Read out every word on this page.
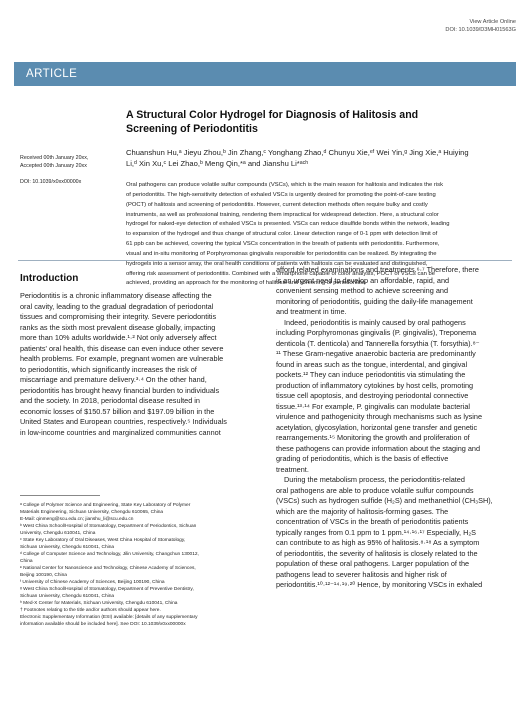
View Article Online
DOI: 10.1039/D3MH01563G
ARTICLE
A Structural Color Hydrogel for Diagnosis of Halitosis and
Screening of Periodontitis
Chuanshun Hu,ᵃ Jieyu Zhou,ᵇ Jin Zhang,ᶜ Yonghang Zhao,ᵈ Chunyu Xie,ᵉᶠ Wei Yin,ᵍ Jing Xie,ᵃ Huiying
Li,ᵈ Xin Xu,ᶜ Lei Zhao,ᵇ Meng Qin,*ᵃ and Jianshu Li*ᵃᶜʰ
Received 00th January 20xx,
Accepted 00th January 20xx
DOI: 10.1039/x0xx00000x	Oral pathogens can produce volatile sulfur compounds (VSCs), which is the main reason for halitosis and indicates the risk
of periodontitis. The high-sensitivity detection of exhaled VSCs is urgently desired for promoting the point-of-care testing
(POCT) of halitosis and screening of periodontitis. However, current detection methods often require bulky and costly
instruments, as well as professional training, rendering them impractical for widespread detection. Here, a structural color
hydrogel for naked-eye detection of exhaled VSCs is presented. VSCs can reduce disulfide bonds within the network, leading
to expansion of the hydrogel and thus change of structural color. Linear detection range of 0-1 ppm with detection limit of
61 ppb can be achieved, covering the typical VSCs concentration in the breath of patients with periodontitis. Furthermore,
visual and in-situ monitoring of Porphyromonas gingivalis responsible for periodontitis can be realized. By integrating the
hydrogels into a sensor array, the oral health conditions of patients with halitosis can be evaluated and distinguished,
offering risk assessment of periodontitis. Combined with a smartphone capable of color analysis, POCT of VSCs can be
achieved, providing an approach for the monitoring of halitosis and screening of periodontitis.
Introduction
Periodontitis is a chronic inflammatory disease affecting the
oral cavity, leading to the gradual degradation of periodontal
tissues and compromising their integrity. Severe periodontitis
ranks as the sixth most prevalent disease globally, impacting
more than 10% adults worldwide.¹·² Not only adversely affect
patients' oral health, this disease can even induce other severe
health problems. For example, pregnant women are vulnerable
to periodontitis, which significantly increases the risk of
miscarriage and premature delivery.³·⁴ On the other hand,
periodontitis has brought heavy financial burden to individuals
and the society. In 2018, periodontal disease resulted in
economic losses of $150.57 billion and $197.09 billion in the
United States and European countries, respectively.⁵ Individuals
in low-income countries and marginalized communities cannot
afford related examinations and treatments.⁶·⁷ Therefore, there
is an urgent need to develop an affordable, rapid, and
convenient sensing method to achieve screening and
monitoring of periodontitis, guiding the daily-life management
and treatment in time.
Indeed, periodontitis is mainly caused by oral pathogens
including Porphyromonas gingivalis (P. gingivalis), Treponema
denticola (T. denticola) and Tannerella forsythia (T. forsythia).⁸⁻
¹¹ These Gram-negative anaerobic bacteria are predominantly
found in areas such as the tongue, interdental, and gingival
pockets.¹² They can induce periodontitis via stimulating the
production of inflammatory cytokines by host cells, promoting
tissue cell apoptosis, and destroying periodontal connective
tissue.¹³·¹⁴ For example, P. gingivalis can modulate bacterial
virulence and pathogenicity through mechanisms such as lysine
acetylation, glycosylation, horizontal gene transfer and genetic
rearrangements.¹⁵ Monitoring the growth and proliferation of
these pathogens can provide information about the staging and
grading of periodontitis, which is the basis of effective
treatment.
During the metabolism process, the periodontitis-related
oral pathogens are able to produce volatile sulfur compounds
(VSCs) such as hydrogen sulfide (H₂S) and methanethiol (CH₃SH),
which are the majority of halitosis-forming gases. The
concentration of VSCs in the breath of periodontitis patients
typically ranges from 0.1 ppm to 1 ppm.¹⁴·¹⁶·¹⁷ Especially, H₂S
can contribute to as high as 95% of halitosis.⁸·¹⁸ As a symptom
of periodontitis, the severity of halitosis is closely related to the
population of these oral pathogens. Larger population of the
pathogens lead to severer halitosis and higher risk of
periodontitis.¹⁰·¹²⁻¹⁴·¹⁹·²⁰ Hence, by monitoring VSCs in exhaled
ᵃ College of Polymer Science and Engineering, State Key Laboratory of Polymer
Materials Engineering, Sichuan University, Chengdu 610065, China
E-Mail: qinmeng@scu.edu.cn; jianshu_li@scu.edu.cn
ᵇ West China School/Hospital of Stomatology, Department of Periodontics, Sichuan
University, Chengdu 610041, China
ᶜ State Key Laboratory of Oral Diseases, West China Hospital of Stomatology,
Sichuan University, Chengdu 610041, China
ᵈ College of Computer Science and Technology, Jilin University, Changchun 130012,
China
ᵉ National Center for Nanoscience and Technology, Chinese Academy of Sciences,
Beijing 100190, China
ᶠ University of Chinese Academy of Sciences, Beijing 100190, China
ᵍ West China School/Hospital of Stomatology, Department of Preventive Dentistry,
Sichuan University, Chengdu 610041, China
ʰ Med-X Center for Materials, Sichuan University, Chengdu 610041, China
† Footnotes relating to the title and/or authors should appear here.
Electronic Supplementary Information (ESI) available: [details of any supplementary
information available should be included here]. See DOI: 10.1039/x0xx00000x
